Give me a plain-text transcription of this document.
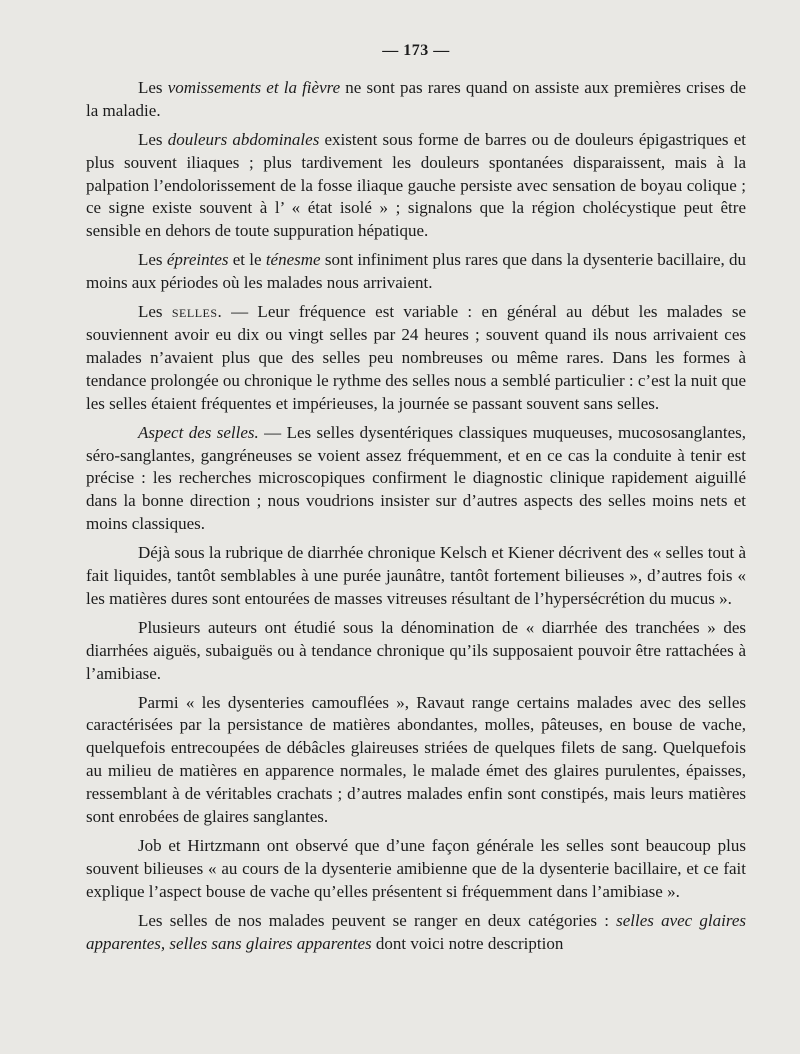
— 173 —

Les vomissements et la fièvre ne sont pas rares quand on assiste aux premières crises de la maladie.

Les douleurs abdominales existent sous forme de barres ou de douleurs épigastriques et plus souvent iliaques ; plus tardivement les douleurs spontanées disparaissent, mais à la palpation l’endolorissement de la fosse iliaque gauche persiste avec sensation de boyau colique ; ce signe existe souvent à l’ « état isolé » ; signalons que la région cholécystique peut être sensible en dehors de toute suppuration hépatique.

Les épreintes et le ténesme sont infiniment plus rares que dans la dysenterie bacillaire, du moins aux périodes où les malades nous arrivaient.

Les selles. — Leur fréquence est variable : en général au début les malades se souviennent avoir eu dix ou vingt selles par 24 heures ; souvent quand ils nous arrivaient ces malades n’avaient plus que des selles peu nombreuses ou même rares. Dans les formes à tendance prolongée ou chronique le rythme des selles nous a semblé particulier : c’est la nuit que les selles étaient fréquentes et impérieuses, la journée se passant souvent sans selles.

Aspect des selles. — Les selles dysentériques classiques muqueuses, mucososanglantes, séro-sanglantes, gangréneuses se voient assez fréquemment, et en ce cas la conduite à tenir est précise : les recherches microscopiques confirment le diagnostic clinique rapidement aiguillé dans la bonne direction ; nous voudrions insister sur d’autres aspects des selles moins nets et moins classiques.

Déjà sous la rubrique de diarrhée chronique Kelsch et Kiener décrivent des « selles tout à fait liquides, tantôt semblables à une purée jaunâtre, tantôt fortement bilieuses », d’autres fois « les matières dures sont entourées de masses vitreuses résultant de l’hypersécrétion du mucus ».

Plusieurs auteurs ont étudié sous la dénomination de « diarrhée des tranchées » des diarrhées aiguës, subaiguës ou à tendance chronique qu’ils supposaient pouvoir être rattachées à l’amibiase.

Parmi « les dysenteries camouflées », Ravaut range certains malades avec des selles caractérisées par la persistance de matières abondantes, molles, pâteuses, en bouse de vache, quelquefois entrecoupées de débâcles glaireuses striées de quelques filets de sang. Quelquefois au milieu de matières en apparence normales, le malade émet des glaires purulentes, épaisses, ressemblant à de véritables crachats ; d’autres malades enfin sont constipés, mais leurs matières sont enrobées de glaires sanglantes.

Job et Hirtzmann ont observé que d’une façon générale les selles sont beaucoup plus souvent bilieuses « au cours de la dysenterie amibienne que de la dysenterie bacillaire, et ce fait explique l’aspect bouse de vache qu’elles présentent si fréquemment dans l’amibiase ».

Les selles de nos malades peuvent se ranger en deux catégories : selles avec glaires apparentes, selles sans glaires apparentes dont voici notre description
